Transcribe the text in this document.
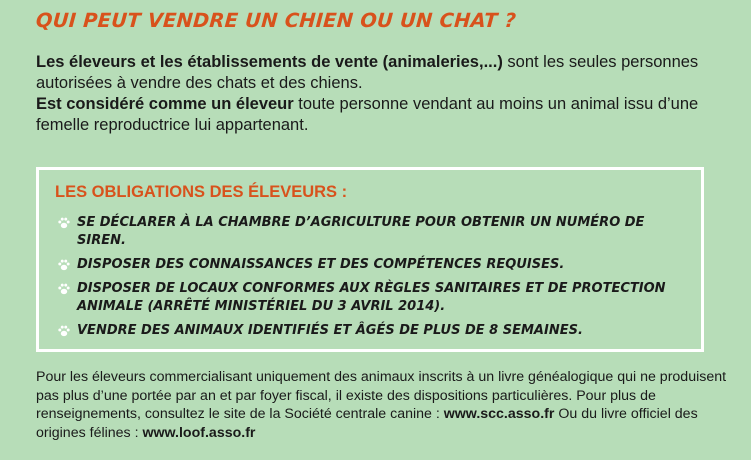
QUI PEUT VENDRE UN CHIEN OU UN CHAT ?
Les éleveurs et les établissements de vente (animaleries,...) sont les seules personnes autorisées à vendre des chats et des chiens.
Est considéré comme un éleveur toute personne vendant au moins un animal issu d’une femelle reproductrice lui appartenant.
LES OBLIGATIONS DES ÉLEVEURS :
SE DÉCLARER À LA CHAMBRE D’AGRICULTURE POUR OBTENIR UN NUMÉRO DE SIREN.
DISPOSER DES CONNAISSANCES ET DES COMPÉTENCES REQUISES.
DISPOSER DE LOCAUX CONFORMES AUX RÈGLES SANITAIRES ET DE PROTECTION ANIMALE (ARRÊTÉ MINISTÉRIEL DU 3 AVRIL 2014).
VENDRE DES ANIMAUX IDENTIFIÉS ET ÂGÉS DE PLUS DE 8 SEMAINES.

Pour les éleveurs commercialisant uniquement des animaux inscrits à un livre généalogique qui ne produisent pas plus d’une portée par an et par foyer fiscal, il existe des dispositions particulières. Pour plus de renseignements, consultez le site de la Société centrale canine : www.scc.asso.fr Ou du livre officiel des origines félines : www.loof.asso.fr
